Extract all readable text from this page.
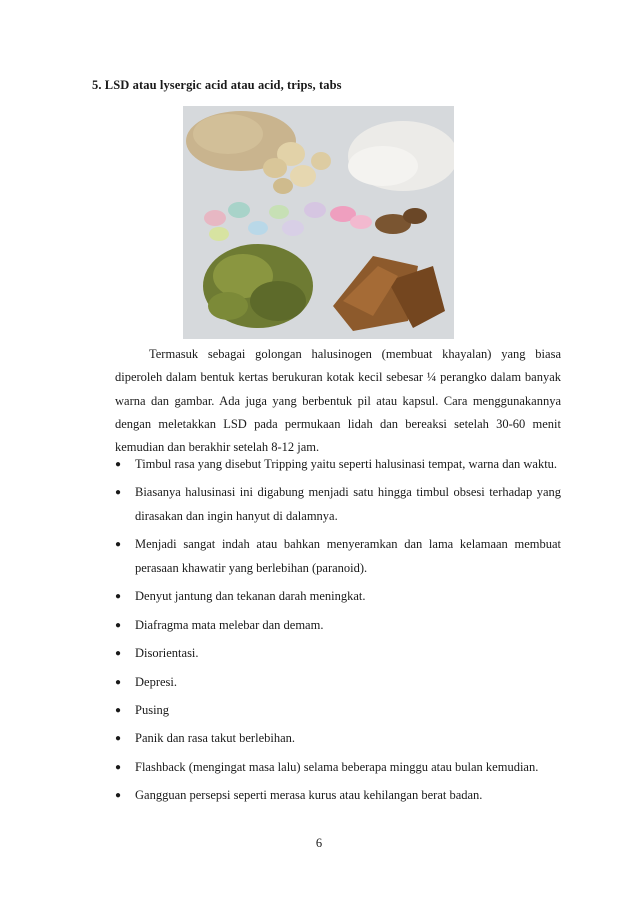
5. LSD atau lysergic acid atau acid, trips, tabs

Termasuk sebagai golongan halusinogen (membuat khayalan) yang biasa diperoleh dalam bentuk kertas berukuran kotak kecil sebesar ¼ perangko dalam banyak warna dan gambar. Ada juga yang berbentuk pil atau kapsul. Cara menggunakannya dengan meletakkan LSD pada permukaan lidah dan bereaksi setelah 30-60 menit kemudian dan berakhir setelah 8-12 jam.

● Timbul rasa yang disebut Tripping yaitu seperti halusinasi tempat, warna dan waktu.
● Biasanya halusinasi ini digabung menjadi satu hingga timbul obsesi terhadap yang dirasakan dan ingin hanyut di dalamnya.
● Menjadi sangat indah atau bahkan menyeramkan dan lama kelamaan membuat perasaan khawatir yang berlebihan (paranoid).
● Denyut jantung dan tekanan darah meningkat.
● Diafragma mata melebar dan demam.
● Disorientasi.
● Depresi.
● Pusing
● Panik dan rasa takut berlebihan.
● Flashback (mengingat masa lalu) selama beberapa minggu atau bulan kemudian.
● Gangguan persepsi seperti merasa kurus atau kehilangan berat badan.
6
